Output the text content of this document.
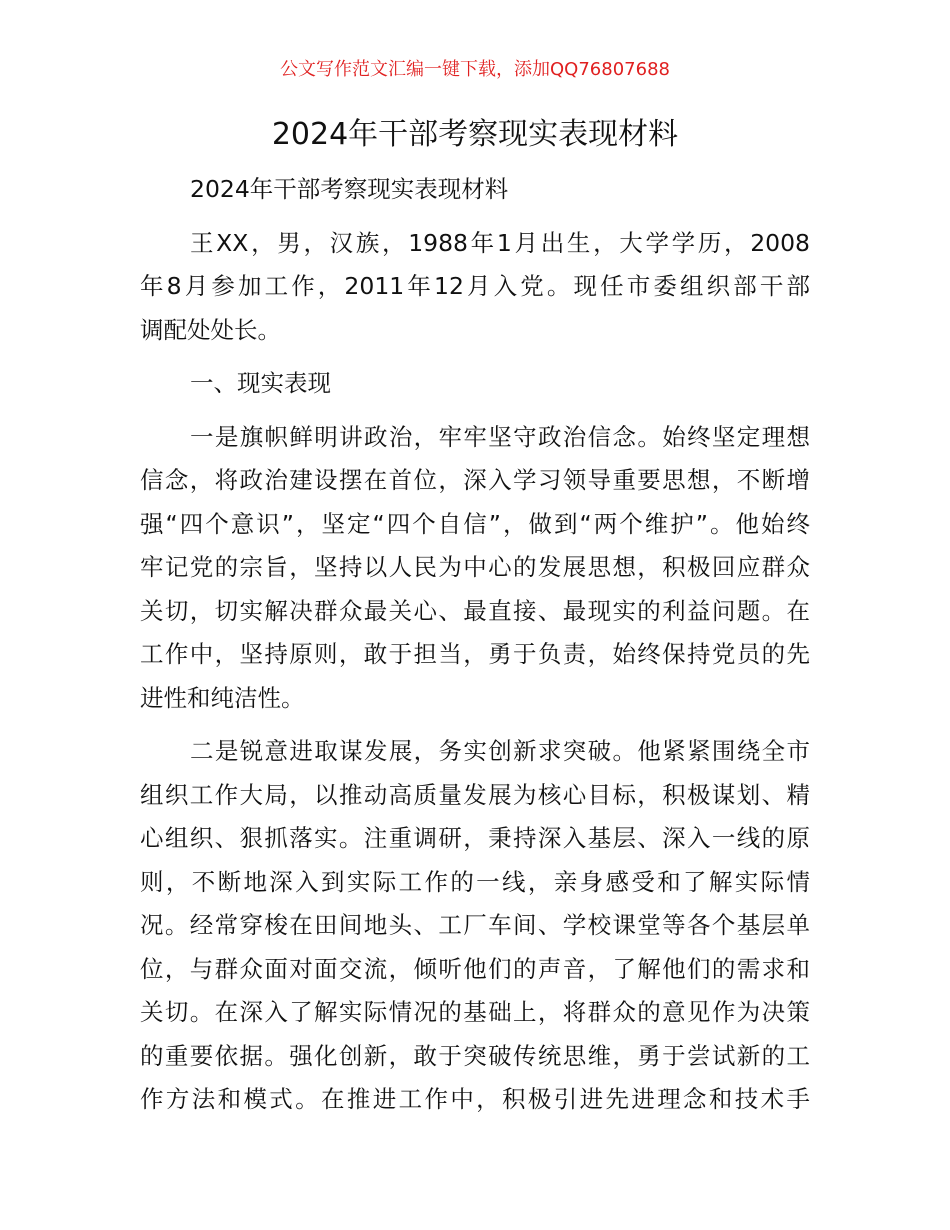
公文写作范文汇编一键下载，添加QQ76807688
2024年干部考察现实表现材料
2024年干部考察现实表现材料
王XX，男，汉族，1988年1月出生，大学学历，2008
年8月参加工作，2011年12月入党。现任市委组织部干部
调配处处长。
一、现实表现
一是旗帜鲜明讲政治，牢牢坚守政治信念。始终坚定理想
信念，将政治建设摆在首位，深入学习领导重要思想，不断增
强“四个意识”，坚定“四个自信”，做到“两个维护”。他始终
牢记党的宗旨，坚持以人民为中心的发展思想，积极回应群众
关切，切实解决群众最关心、最直接、最现实的利益问题。在
工作中，坚持原则，敢于担当，勇于负责，始终保持党员的先
进性和纯洁性。
二是锐意进取谋发展，务实创新求突破。他紧紧围绕全市
组织工作大局，以推动高质量发展为核心目标，积极谋划、精
心组织、狠抓落实。注重调研，秉持深入基层、深入一线的原
则，不断地深入到实际工作的一线，亲身感受和了解实际情
况。经常穿梭在田间地头、工厂车间、学校课堂等各个基层单
位，与群众面对面交流，倾听他们的声音，了解他们的需求和
关切。在深入了解实际情况的基础上，将群众的意见作为决策
的重要依据。强化创新，敢于突破传统思维，勇于尝试新的工
作方法和模式。在推进工作中，积极引进先进理念和技术手
